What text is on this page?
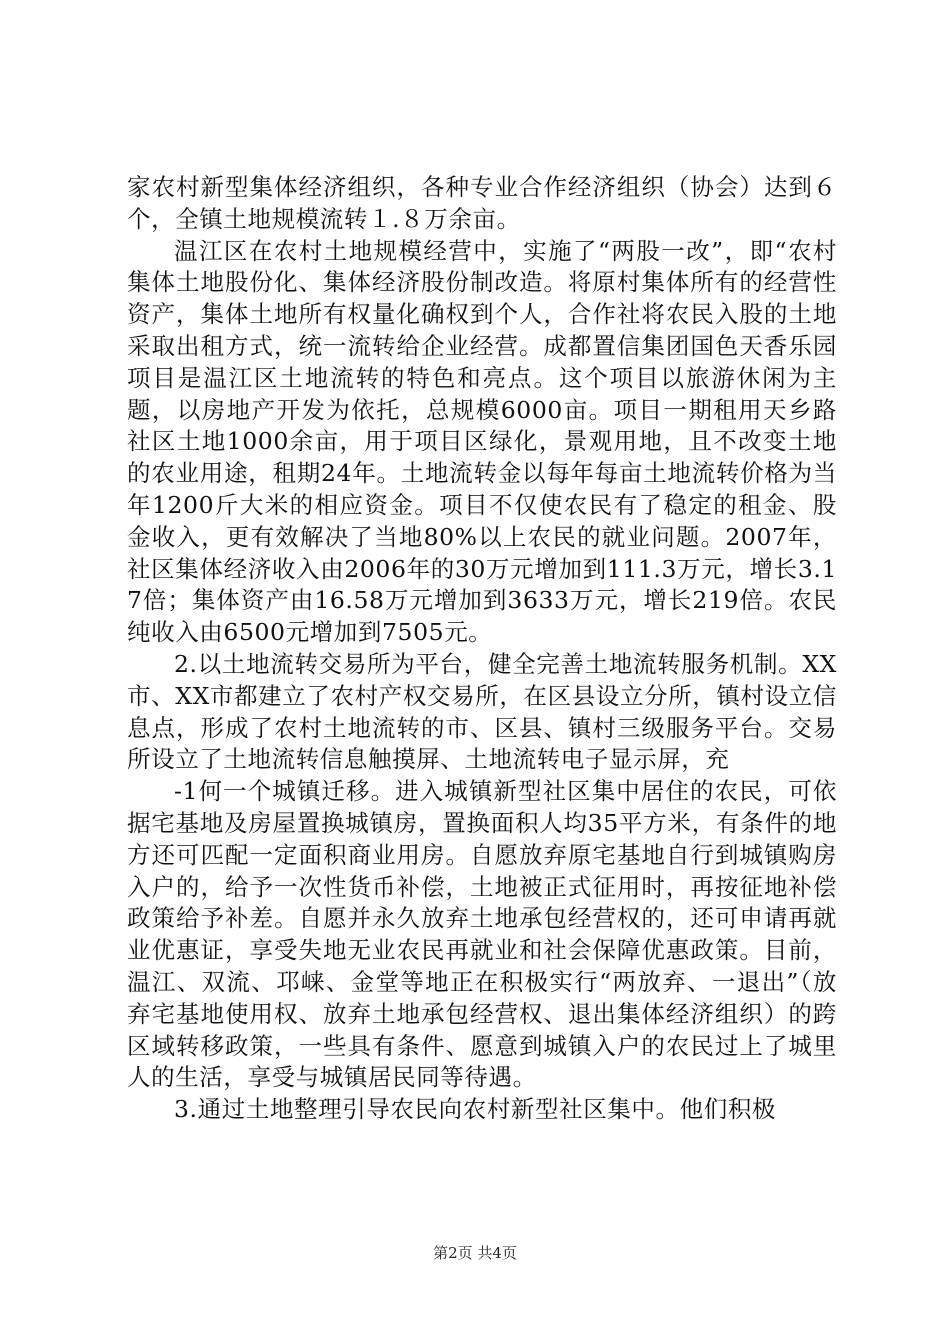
家农村新型集体经济组织，各种专业合作经济组织（协会）达到６个，全镇土地规模流转１.８万余亩。

温江区在农村土地规模经营中，实施了“两股一改”，即“农村集体土地股份化、集体经济股份制改造。将原村集体所有的经营性资产，集体土地所有权量化确权到个人，合作社将农民入股的土地采取出租方式，统一流转给企业经营。成都置信集团国色天香乐园项目是温江区土地流转的特色和亮点。这个项目以旅游休闲为主题，以房地产开发为依托，总规模6000亩。项目一期租用天乡路社区土地1000余亩，用于项目区绿化，景观用地，且不改变土地的农业用途，租期24年。土地流转金以每年每亩土地流转价格为当年1200斤大米的相应资金。项目不仅使农民有了稳定的租金、股金收入，更有效解决了当地80%以上农民的就业问题。2007年，社区集体经济收入由2006年的30万元增加到111.3万元，增长3.17倍；集体资产由16.58万元增加到3633万元，增长219倍。农民纯收入由6500元增加到7505元。

2.以土地流转交易所为平台，健全完善土地流转服务机制。XX市、XX市都建立了农村产权交易所，在区县设立分所，镇村设立信息点，形成了农村土地流转的市、区县、镇村三级服务平台。交易所设立了土地流转信息触摸屏、土地流转电子显示屏，充

-1何一个城镇迁移。进入城镇新型社区集中居住的农民，可依据宅基地及房屋置换城镇房，置换面积人均35平方米，有条件的地方还可匹配一定面积商业用房。自愿放弃原宅基地自行到城镇购房入户的，给予一次性货币补偿，土地被正式征用时，再按征地补偿政策给予补差。自愿并永久放弃土地承包经营权的，还可申请再就业优惠证，享受失地无业农民再就业和社会保障优惠政策。目前，温江、双流、邛崃、金堂等地正在积极实行“两放弃、一退出”（放弃宅基地使用权、放弃土地承包经营权、退出集体经济组织）的跨区域转移政策，一些具有条件、愿意到城镇入户的农民过上了城里人的生活，享受与城镇居民同等待遇。

3.通过土地整理引导农民向农村新型社区集中。他们积极

第2页 共4页
